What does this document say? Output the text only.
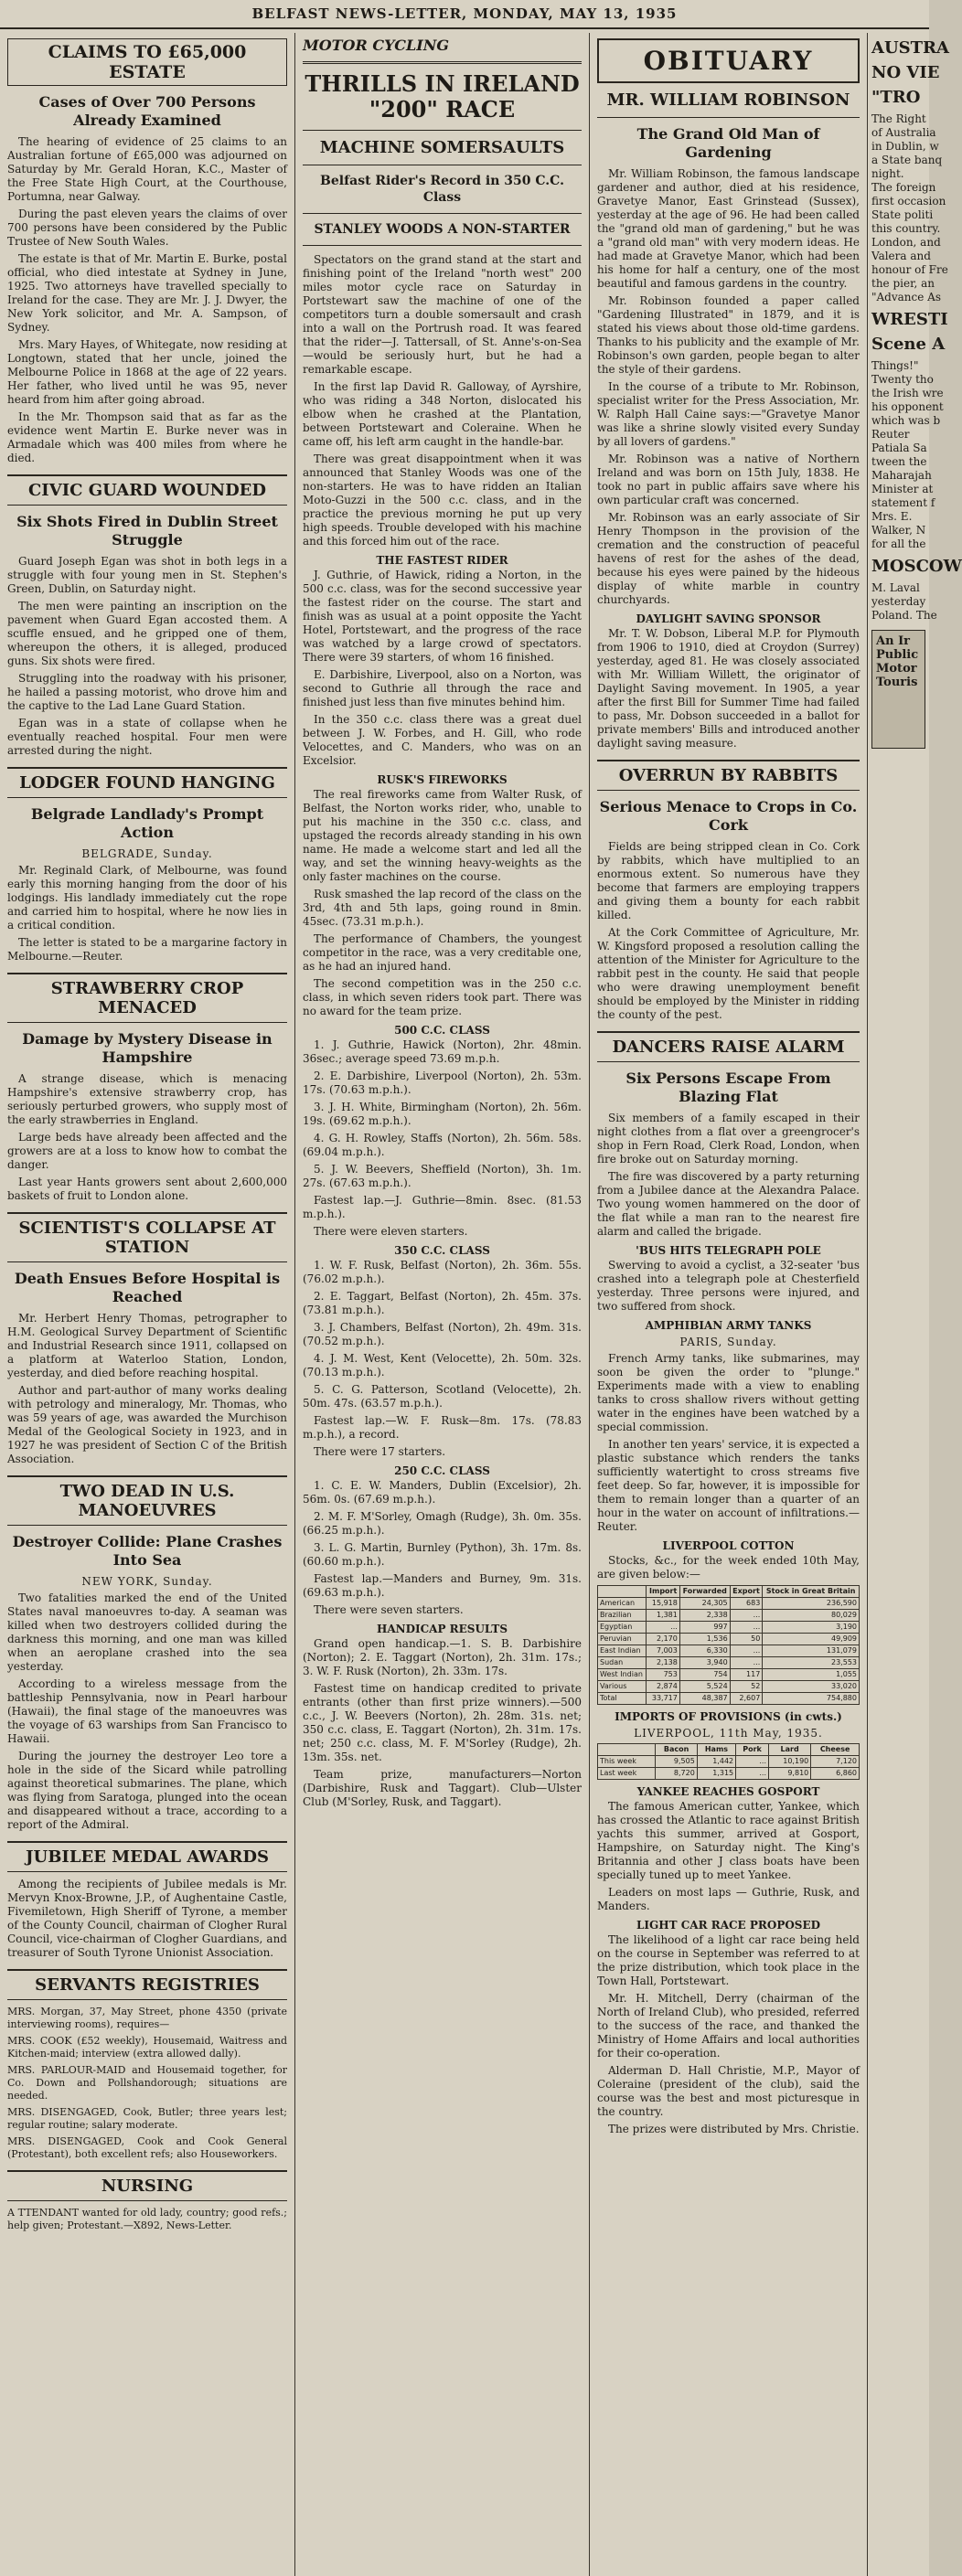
BELFAST NEWS-LETTER, MONDAY, MAY 13, 1935
CLAIMS TO £65,000 ESTATE
Cases of Over 700 Persons Already Examined

The hearing of evidence of 25 claims to an Australian fortune of £65,000 was adjourned on Saturday by Mr. Gerald Horan, K.C., Master of the Free State High Court, at the Courthouse, Portumna, near Galway.

During the past eleven years the claims of over 700 persons have been considered by the Public Trustee of New South Wales.

The estate is that of Mr. Martin E. Burke, postal official, who died intestate at Sydney in June, 1925. Two attorneys have travelled specially to Ireland for the case. They are Mr. J. J. Dwyer, the New York solicitor, and Mr. A. Sampson, of Sydney.

Mrs. Mary Hayes, of Whitegate, now residing at Longtown, stated that her uncle, joined the Melbourne Police in 1868 at the age of 22 years. Her father, who lived until he was 95, never heard from him after going abroad.

In the Mr. Thompson said that as far as the evidence went Martin E. Burke never was in Armadale which was 400 miles from where he died.

CIVIC GUARD WOUNDED
Six Shots Fired in Dublin Street Struggle

Guard Joseph Egan was shot in both legs in a struggle with four young men in St. Stephen's Green, Dublin, on Saturday night.

The men were painting an inscription on the pavement when Guard Egan accosted them. A scuffle ensued, and he gripped one of them, whereupon the others, it is alleged, produced guns. Six shots were fired.

Struggling into the roadway with his prisoner, he hailed a passing motorist, who drove him and the captive to the Lad Lane Guard Station.

Egan was in a state of collapse when he eventually reached hospital. Four men were arrested during the night.

LODGER FOUND HANGING
Belgrade Landlady's Prompt Action
BELGRADE, Sunday.

Mr. Reginald Clark, of Melbourne, was found early this morning hanging from the door of his lodgings. His landlady immediately cut the rope and carried him to hospital, where he now lies in a critical condition.

The letter is stated to be a margarine factory in Melbourne.—Reuter.

STRAWBERRY CROP MENACED
Damage by Mystery Disease in Hampshire

A strange disease, which is menacing Hampshire's extensive strawberry crop, has seriously perturbed growers, who supply most of the early strawberries in England.

Large beds have already been affected and the growers are at a loss to know how to combat the danger.

Last year Hants growers sent about 2,600,000 baskets of fruit to London alone.

SCIENTIST'S COLLAPSE AT STATION
Death Ensues Before Hospital is Reached

Mr. Herbert Henry Thomas, petrographer to H.M. Geological Survey Department of Scientific and Industrial Research since 1911, collapsed on a platform at Waterloo Station, London, yesterday, and died before reaching hospital.

Author and part-author of many works dealing with petrology and mineralogy, Mr. Thomas, who was 59 years of age, was awarded the Murchison Medal of the Geological Society in 1923, and in 1927 he was president of Section C of the British Association.

TWO DEAD IN U.S. MANOEUVRES
Destroyer Collide: Plane Crashes Into Sea
NEW YORK, Sunday.

Two fatalities marked the end of the United States naval manoeuvres to-day. A seaman was killed when two destroyers collided during the darkness this morning, and one man was killed when an aeroplane crashed into the sea yesterday.

According to a wireless message from the battleship Pennsylvania, now in Pearl harbour (Hawaii), the final stage of the manoeuvres was the voyage of 63 warships from San Francisco to Hawaii.

During the journey the destroyer Leo tore a hole in the side of the Sicard while patrolling against theoretical submarines. The plane, which was flying from Saratoga, plunged into the ocean and disappeared without a trace, according to a report of the Admiral.

JUBILEE MEDAL AWARDS

Among the recipients of Jubilee medals is Mr. Mervyn Knox-Browne, J.P., of Aughentaine Castle, Fivemiletown, High Sheriff of Tyrone, a member of the County Council, chairman of Clogher Rural Council, vice-chairman of Clogher Guardians, and treasurer of South Tyrone Unionist Association.

SERVANTS REGISTRIES
MRS. Morgan, 37, May Street, phone 4350 (private interviewing rooms), requires—
MRS. COOK (£52 weekly), Housemaid, Waitress and Kitchen-maid; interview (extra allowed dally).
MRS. PARLOUR-MAID and Housemaid together, for Co. Down and Pollshandorough; situations are needed.
MRS. DISENGAGED, Cook, Butler; three years lest; regular routine; salary moderate.
MRS. DISENGAGED, Cook and Cook General (Protestant), both excellent refs; also Houseworkers.
NURSING
A TTENDANT wanted for old lady, country; good refs.; help given; Protestant.—X892, News-Letter.
MOTOR CYCLING
THRILLS IN IRELAND "200" RACE
MACHINE SOMERSAULTS
Belfast Rider's Record in 350 C.C. Class
STANLEY WOODS A NON-STARTER

Spectators on the grand stand at the start and finishing point of the Ireland "north west" 200 miles motor cycle race on Saturday in Portstewart saw the machine of one of the competitors turn a double somersault and crash into a wall on the Portrush road. It was feared that the rider—J. Tattersall, of St. Anne's-on-Sea—would be seriously hurt, but he had a remarkable escape.

In the first lap David R. Galloway, of Ayrshire, who was riding a 348 Norton, dislocated his elbow when he crashed at the Plantation, between Portstewart and Coleraine. When he came off, his left arm caught in the handle-bar.

There was great disappointment when it was announced that Stanley Woods was one of the non-starters. He was to have ridden an Italian Moto-Guzzi in the 500 c.c. class, and in the practice the previous morning he put up very high speeds. Trouble developed with his machine and this forced him out of the race.

THE FASTEST RIDER

J. Guthrie, of Hawick, riding a Norton, in the 500 c.c. class, was for the second successive year the fastest rider on the course. The start and finish was as usual at a point opposite the Yacht Hotel, Portstewart, and the progress of the race was watched by a large crowd of spectators. There were 39 starters, of whom 16 finished.

E. Darbishire, Liverpool, also on a Norton, was second to Guthrie all through the race and finished just less than five minutes behind him.

In the 350 c.c. class there was a great duel between J. W. Forbes, and H. Gill, who rode Velocettes, and C. Manders, who was on an Excelsior.

RUSK'S FIREWORKS

The real fireworks came from Walter Rusk, of Belfast, the Norton works rider, who, unable to put his machine in the 350 c.c. class, and upstaged the records already standing in his own name. He made a welcome start and led all the way, and set the winning heavy-weights as the only faster machines on the course.

Rusk smashed the lap record of the class on the 3rd, 4th and 5th laps, going round in 8min. 45sec. (73.31 m.p.h.).

The performance of Chambers, the youngest competitor in the race, was a very creditable one, as he had an injured hand.

The second competition was in the 250 c.c. class, in which seven riders took part. There was no award for the team prize.

500 C.C. CLASS

1. J. Guthrie, Hawick (Norton), 2hr. 48min. 36sec.; average speed 73.69 m.p.h.

2. E. Darbishire, Liverpool (Norton), 2h. 53m. 17s. (70.63 m.p.h.).

3. J. H. White, Birmingham (Norton), 2h. 56m. 19s. (69.62 m.p.h.).

4. G. H. Rowley, Staffs (Norton), 2h. 56m. 58s. (69.04 m.p.h.).

5. J. W. Beevers, Sheffield (Norton), 3h. 1m. 27s. (67.63 m.p.h.).

Fastest lap.—J. Guthrie—8min. 8sec. (81.53 m.p.h.).

There were eleven starters.

350 C.C. CLASS

1. W. F. Rusk, Belfast (Norton), 2h. 36m. 55s. (76.02 m.p.h.).

2. E. Taggart, Belfast (Norton), 2h. 45m. 37s. (73.81 m.p.h.).

3. J. Chambers, Belfast (Norton), 2h. 49m. 31s. (70.52 m.p.h.).

4. J. M. West, Kent (Velocette), 2h. 50m. 32s. (70.13 m.p.h.).

5. C. G. Patterson, Scotland (Velocette), 2h. 50m. 47s. (63.57 m.p.h.).

Fastest lap.—W. F. Rusk—8m. 17s. (78.83 m.p.h.), a record.

There were 17 starters.

250 C.C. CLASS

1. C. E. W. Manders, Dublin (Excelsior), 2h. 56m. 0s. (67.69 m.p.h.).

2. M. F. M'Sorley, Omagh (Rudge), 3h. 0m. 35s. (66.25 m.p.h.).

3. L. G. Martin, Burnley (Python), 3h. 17m. 8s. (60.60 m.p.h.).

Fastest lap.—Manders and Burney, 9m. 31s. (69.63 m.p.h.).

There were seven starters.

HANDICAP RESULTS

Grand open handicap.—1. S. B. Darbishire (Norton); 2. E. Taggart (Norton), 2h. 31m. 17s.; 3. W. F. Rusk (Norton), 2h. 33m. 17s.

Fastest time on handicap credited to private entrants (other than first prize winners).—500 c.c., J. W. Beevers (Norton), 2h. 28m. 31s. net; 350 c.c. class, E. Taggart (Norton), 2h. 31m. 17s. net; 250 c.c. class, M. F. M'Sorley (Rudge), 2h. 13m. 35s. net.

Team prize, manufacturers—Norton (Darbishire, Rusk and Taggart). Club—Ulster Club (M'Sorley, Rusk, and Taggart).

OBITUARY
MR. WILLIAM ROBINSON
The Grand Old Man of Gardening

Mr. William Robinson, the famous landscape gardener and author, died at his residence, Gravetye Manor, East Grinstead (Sussex), yesterday at the age of 96. He had been called the "grand old man of gardening," but he was a "grand old man" with very modern ideas. He had made at Gravetye Manor, which had been his home for half a century, one of the most beautiful and famous gardens in the country.

Mr. Robinson founded a paper called "Gardening Illustrated" in 1879, and it is stated his views about those old-time gardens. Thanks to his publicity and the example of Mr. Robinson's own garden, people began to alter the style of their gardens.

In the course of a tribute to Mr. Robinson, specialist writer for the Press Association, Mr. W. Ralph Hall Caine says:—"Gravetye Manor was like a shrine slowly visited every Sunday by all lovers of gardens."

Mr. Robinson was a native of Northern Ireland and was born on 15th July, 1838. He took no part in public affairs save where his own particular craft was concerned.

Mr. Robinson was an early associate of Sir Henry Thompson in the provision of the cremation and the construction of peaceful havens of rest for the ashes of the dead, because his eyes were pained by the hideous display of white marble in country churchyards.

DAYLIGHT SAVING SPONSOR

Mr. T. W. Dobson, Liberal M.P. for Plymouth from 1906 to 1910, died at Croydon (Surrey) yesterday, aged 81. He was closely associated with Mr. William Willett, the originator of Daylight Saving movement. In 1905, a year after the first Bill for Summer Time had failed to pass, Mr. Dobson succeeded in a ballot for private members' Bills and introduced another daylight saving measure.

OVERRUN BY RABBITS
Serious Menace to Crops in Co. Cork

Fields are being stripped clean in Co. Cork by rabbits, which have multiplied to an enormous extent. So numerous have they become that farmers are employing trappers and giving them a bounty for each rabbit killed.

At the Cork Committee of Agriculture, Mr. W. Kingsford proposed a resolution calling the attention of the Minister for Agriculture to the rabbit pest in the county. He said that people who were drawing unemployment benefit should be employed by the Minister in ridding the county of the pest.

DANCERS RAISE ALARM
Six Persons Escape From Blazing Flat

Six members of a family escaped in their night clothes from a flat over a greengrocer's shop in Fern Road, Clerk Road, London, when fire broke out on Saturday morning.

The fire was discovered by a party returning from a Jubilee dance at the Alexandra Palace. Two young women hammered on the door of the flat while a man ran to the nearest fire alarm and called the brigade.

'BUS HITS TELEGRAPH POLE

Swerving to avoid a cyclist, a 32-seater 'bus crashed into a telegraph pole at Chesterfield yesterday. Three persons were injured, and two suffered from shock.

AMPHIBIAN ARMY TANKS
PARIS, Sunday.

French Army tanks, like submarines, may soon be given the order to "plunge." Experiments made with a view to enabling tanks to cross shallow rivers without getting water in the engines have been watched by a special commission.

In another ten years' service, it is expected a plastic substance which renders the tanks sufficiently watertight to cross streams five feet deep. So far, however, it is impossible for them to remain longer than a quarter of an hour in the water on account of infiltrations.—Reuter.

LIVERPOOL COTTON

Stocks, &c., for the week ended 10th May, are given below:—

	Import	Forwarded	Export	Stock in Great Britain
American	15,918	24,305	683	236,590
Brazilian	1,381	2,338	...	80,029
Egyptian	...	997	...	3,190
Peruvian	2,170	1,536	50	49,909
East Indian	7,003	6,330	...	131,079
Sudan	2,138	3,940	...	23,553
West Indian	753	754	117	1,055
Various	2,874	5,524	52	33,020
Total	33,717	48,387	2,607	754,880
IMPORTS OF PROVISIONS (in cwts.)
LIVERPOOL, 11th May, 1935.
	Bacon	Hams	Pork	Lard	Cheese
This week	9,505	1,442	...	10,190	7,120
Last week	8,720	1,315	...	9,810	6,860
YANKEE REACHES GOSPORT

The famous American cutter, Yankee, which has crossed the Atlantic to race against British yachts this summer, arrived at Gosport, Hampshire, on Saturday night. The King's Britannia and other J class boats have been specially tuned up to meet Yankee.

Leaders on most laps — Guthrie, Rusk, and Manders.

LIGHT CAR RACE PROPOSED

The likelihood of a light car race being held on the course in September was referred to at the prize distribution, which took place in the Town Hall, Portstewart.

Mr. H. Mitchell, Derry (chairman of the North of Ireland Club), who presided, referred to the success of the race, and thanked the Ministry of Home Affairs and local authorities for their co-operation.

Alderman D. Hall Christie, M.P., Mayor of Coleraine (president of the club), said the course was the best and most picturesque in the country.

The prizes were distributed by Mrs. Christie.

AUSTRA
NO VIE
"TRO
The Right
of Australia
in Dublin, w
a State banq
night.
The foreign
first occasion
State politi
this country.
London, and
Valera and
honour of Fre
the pier, an
"Advance As
WRESTI
Scene A
Things!"
Twenty tho
the Irish wre
his opponent
which was b
Reuter
Patiala Sa
tween the
Maharajah
Minister at
statement f
Mrs. E.
Walker, N
for all the
MOSCOW
M. Laval
yesterday
Poland. The
An Ir Public Motor Touris
